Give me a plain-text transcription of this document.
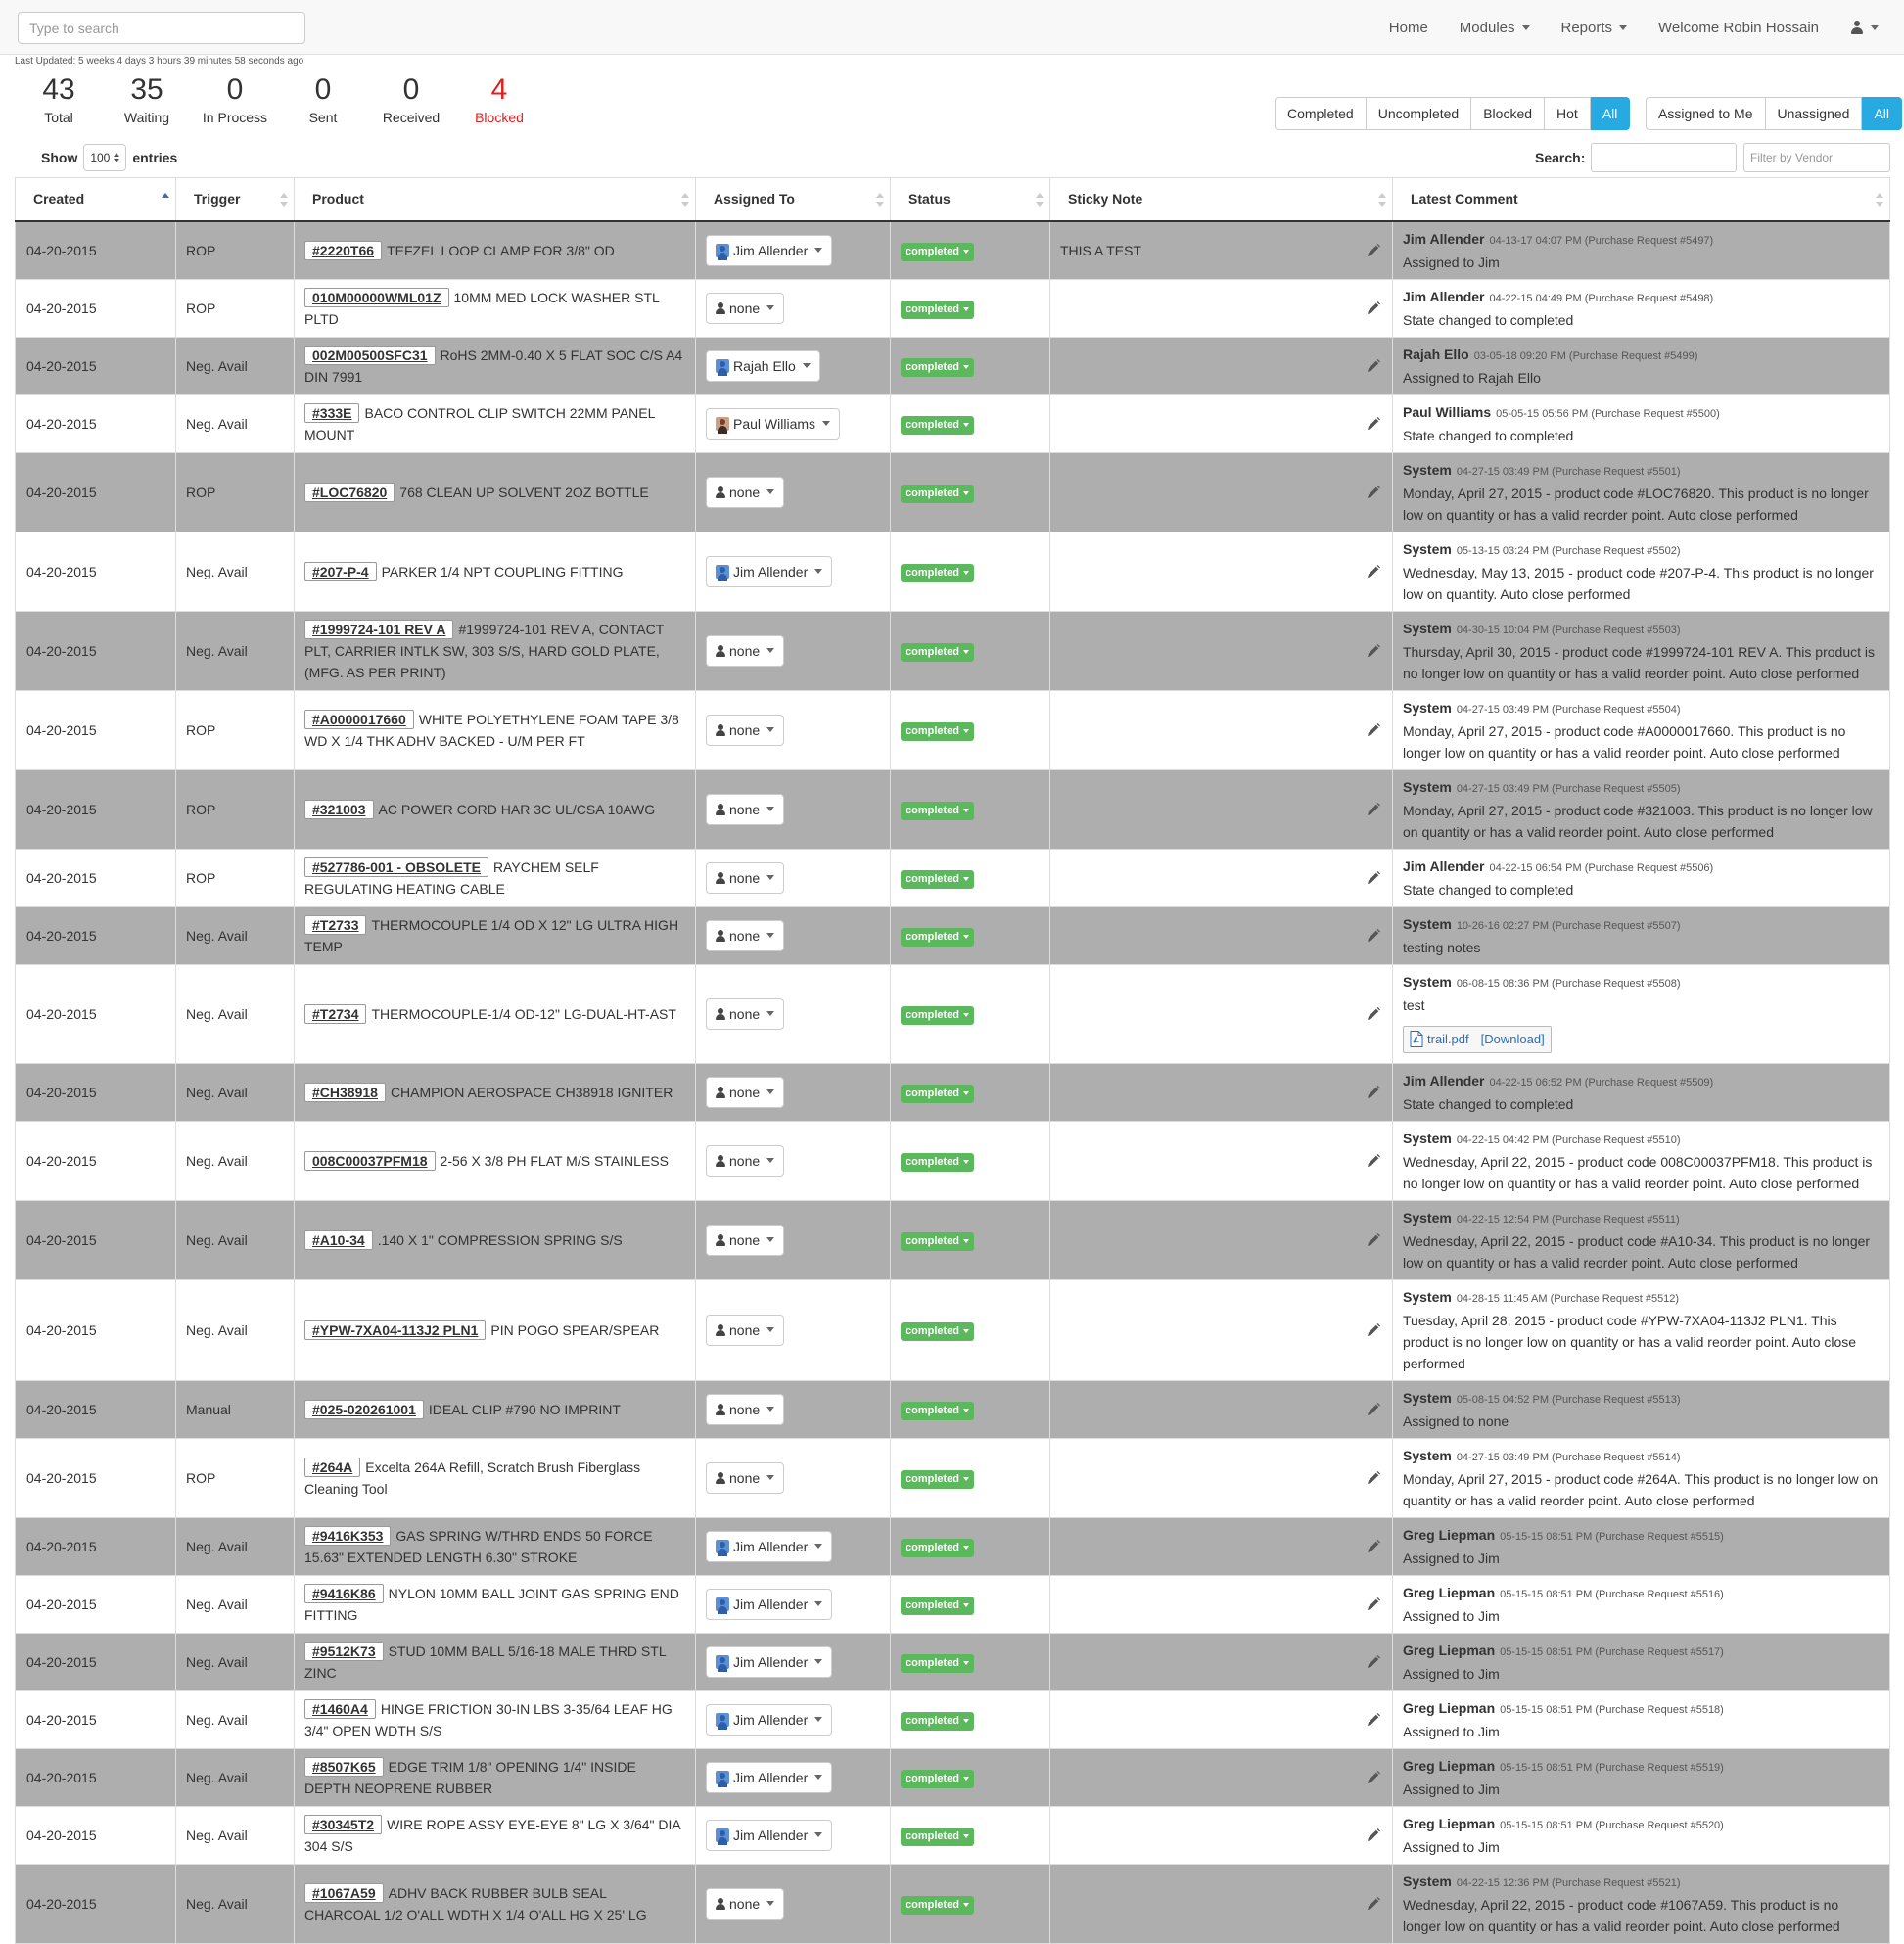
Type to search
Home Modules	Reports	Welcome Robin Hossain
Last Updated: 5 weeks 4 days 3 hours 39 minutes 58 seconds ago
43
Total
35
Waiting
0
In Process
0
Sent
0
Received
4
Blocked	Completed	Uncompleted	Blocked	Hot	All	Assigned to Me	Unassigned	All
Show 100 entries	Search:
Filter by Vendor
Created	Trigger	Product	Assigned To	Status	Sticky Note	Latest Comment

04-20-2015	ROP	#2220T66 TEFZEL LOOP CLAMP FOR 3/8" OD	Jim Allender	completed	THIS A TEST	Jim Allender 04-13-17 04:07 PM (Purchase Request #5497)
Assigned to Jim

04-20-2015	ROP	010M00000WML01Z 10MM MED LOCK WASHER STL PLTD	none	completed		Jim Allender 04-22-15 04:49 PM (Purchase Request #5498)
State changed to completed

04-20-2015	Neg. Avail	002M00500SFC31 RoHS 2MM-0.40 X 5 FLAT SOC C/S A4 DIN 7991	Rajah Ello	completed		Rajah Ello 03-05-18 09:20 PM (Purchase Request #5499)
Assigned to Rajah Ello

04-20-2015	Neg. Avail	#333E BACO CONTROL CLIP SWITCH 22MM PANEL MOUNT	Paul Williams	completed		Paul Williams 05-05-15 05:56 PM (Purchase Request #5500)
State changed to completed

04-20-2015	ROP	#LOC76820 768 CLEAN UP SOLVENT 2OZ BOTTLE	none	completed		System 04-27-15 03:49 PM (Purchase Request #5501)
Monday, April 27, 2015 - product code #LOC76820. This product is no longer low on quantity or has a valid reorder point. Auto close performed

04-20-2015	Neg. Avail	#207-P-4 PARKER 1/4 NPT COUPLING FITTING	Jim Allender	completed		System 05-13-15 03:24 PM (Purchase Request #5502)
Wednesday, May 13, 2015 - product code #207-P-4. This product is no longer low on quantity. Auto close performed

04-20-2015	Neg. Avail	#1999724-101 REV A #1999724-101 REV A, CONTACT PLT, CARRIER INTLK SW, 303 S/S, HARD GOLD PLATE, (MFG. AS PER PRINT)	none	completed		System 04-30-15 10:04 PM (Purchase Request #5503)
Thursday, April 30, 2015 - product code #1999724-101 REV A. This product is no longer low on quantity or has a valid reorder point. Auto close performed

04-20-2015	ROP	#A0000017660 WHITE POLYETHYLENE FOAM TAPE 3/8 WD X 1/4 THK ADHV BACKED - U/M PER FT	none	completed		System 04-27-15 03:49 PM (Purchase Request #5504)
Monday, April 27, 2015 - product code #A0000017660. This product is no longer low on quantity or has a valid reorder point. Auto close performed

04-20-2015	ROP	#321003 AC POWER CORD HAR 3C UL/CSA 10AWG	none	completed		System 04-27-15 03:49 PM (Purchase Request #5505)
Monday, April 27, 2015 - product code #321003. This product is no longer low on quantity or has a valid reorder point. Auto close performed

04-20-2015	ROP	#527786-001 - OBSOLETE RAYCHEM SELF REGULATING HEATING CABLE	none	completed		Jim Allender 04-22-15 06:54 PM (Purchase Request #5506)
State changed to completed

04-20-2015	Neg. Avail	#T2733 THERMOCOUPLE 1/4 OD X 12" LG ULTRA HIGH TEMP	none	completed		System 10-26-16 02:27 PM (Purchase Request #5507)
testing notes

04-20-2015	Neg. Avail	#T2734 THERMOCOUPLE-1/4 OD-12" LG-DUAL-HT-AST	none	completed		System 06-08-15 08:36 PM (Purchase Request #5508)
test
trail.pdf [Download]

04-20-2015	Neg. Avail	#CH38918 CHAMPION AEROSPACE CH38918 IGNITER	none	completed		Jim Allender 04-22-15 06:52 PM (Purchase Request #5509)
State changed to completed

04-20-2015	Neg. Avail	008C00037PFM18 2-56 X 3/8 PH FLAT M/S STAINLESS	none	completed		System 04-22-15 04:42 PM (Purchase Request #5510)
Wednesday, April 22, 2015 - product code 008C00037PFM18. This product is no longer low on quantity or has a valid reorder point. Auto close performed

04-20-2015	Neg. Avail	#A10-34 .140 X 1" COMPRESSION SPRING S/S	none	completed		System 04-22-15 12:54 PM (Purchase Request #5511)
Wednesday, April 22, 2015 - product code #A10-34. This product is no longer low on quantity or has a valid reorder point. Auto close performed

04-20-2015	Neg. Avail	#YPW-7XA04-113J2 PLN1 PIN POGO SPEAR/SPEAR	none	completed		System 04-28-15 11:45 AM (Purchase Request #5512)
Tuesday, April 28, 2015 - product code #YPW-7XA04-113J2 PLN1. This product is no longer low on quantity or has a valid reorder point. Auto close performed

04-20-2015	Manual	#025-020261001 IDEAL CLIP #790 NO IMPRINT	none	completed		System 05-08-15 04:52 PM (Purchase Request #5513)
Assigned to none

04-20-2015	ROP	#264A Excelta 264A Refill, Scratch Brush Fiberglass Cleaning Tool	none	completed		System 04-27-15 03:49 PM (Purchase Request #5514)
Monday, April 27, 2015 - product code #264A. This product is no longer low on quantity or has a valid reorder point. Auto close performed

04-20-2015	Neg. Avail	#9416K353 GAS SPRING W/THRD ENDS 50 FORCE 15.63" EXTENDED LENGTH 6.30" STROKE	Jim Allender	completed		Greg Liepman 05-15-15 08:51 PM (Purchase Request #5515)
Assigned to Jim

04-20-2015	Neg. Avail	#9416K86 NYLON 10MM BALL JOINT GAS SPRING END FITTING	Jim Allender	completed		Greg Liepman 05-15-15 08:51 PM (Purchase Request #5516)
Assigned to Jim

04-20-2015	Neg. Avail	#9512K73 STUD 10MM BALL 5/16-18 MALE THRD STL ZINC	Jim Allender	completed		Greg Liepman 05-15-15 08:51 PM (Purchase Request #5517)
Assigned to Jim

04-20-2015	Neg. Avail	#1460A4 HINGE FRICTION 30-IN LBS 3-35/64 LEAF HG 3/4" OPEN WDTH S/S	Jim Allender	completed		Greg Liepman 05-15-15 08:51 PM (Purchase Request #5518)
Assigned to Jim

04-20-2015	Neg. Avail	#8507K65 EDGE TRIM 1/8" OPENING 1/4" INSIDE DEPTH NEOPRENE RUBBER	Jim Allender	completed		Greg Liepman 05-15-15 08:51 PM (Purchase Request #5519)
Assigned to Jim

04-20-2015	Neg. Avail	#30345T2 WIRE ROPE ASSY EYE-EYE 8" LG X 3/64" DIA 304 S/S	Jim Allender	completed		Greg Liepman 05-15-15 08:51 PM (Purchase Request #5520)
Assigned to Jim

04-20-2015	Neg. Avail	#1067A59 ADHV BACK RUBBER BULB SEAL CHARCOAL 1/2 O'ALL WDTH X 1/4 O'ALL HG X 25' LG	none	completed		System 04-22-15 12:36 PM (Purchase Request #5521)
Wednesday, April 22, 2015 - product code #1067A59. This product is no longer low on quantity or has a valid reorder point. Auto close performed
